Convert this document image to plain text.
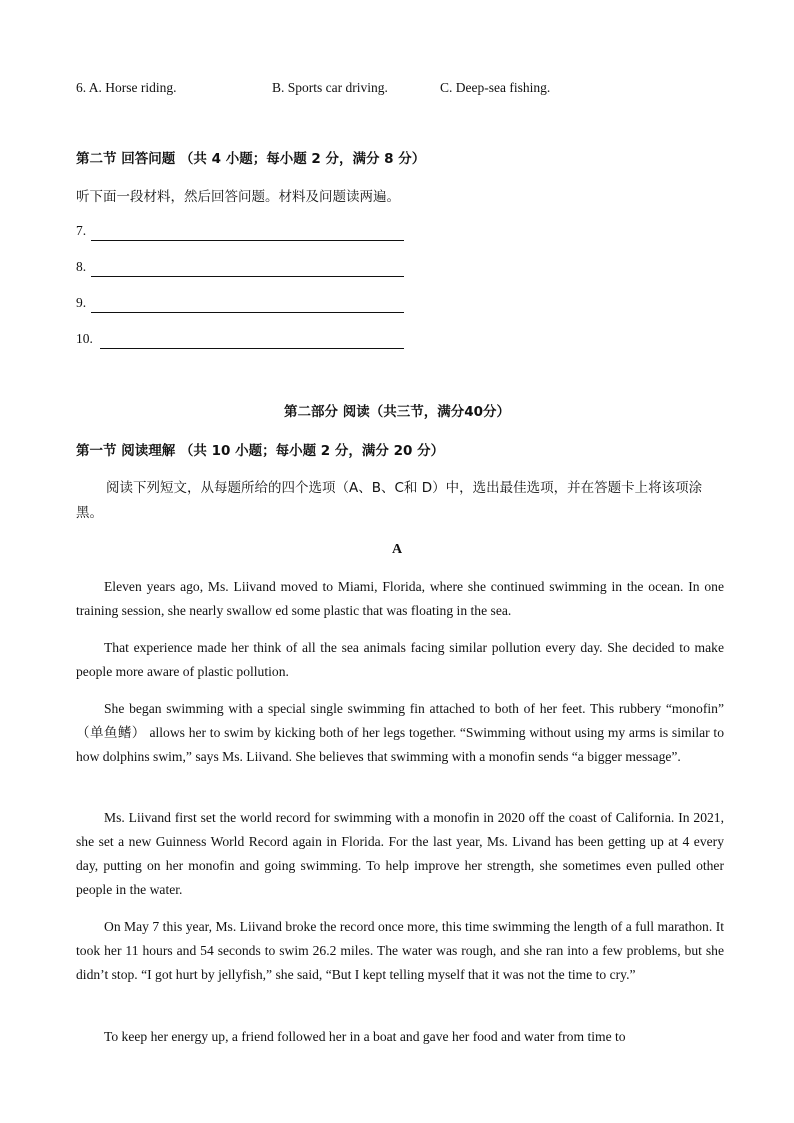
6. A. Horse riding.	B. Sports car driving.	C. Deep-sea fishing.
第二节 回答问题 （共 4 小题；每小题 2 分，满分 8 分）
听下面一段材料，然后回答问题。材料及问题读两遍。
7.
8.
9.
10.
第二部分 阅读（共三节，满分40分）
第一节 阅读理解 （共 10 小题；每小题 2 分，满分 20 分）

阅读下列短文，从每题所给的四个选项（A、B、C和 D）中，选出最佳选项，并在答题卡上将该项涂黑。

A

Eleven years ago, Ms. Liivand moved to Miami, Florida, where she continued swimming in the ocean. In one training session, she nearly swallow ed some plastic that was floating in the sea.

That experience made her think of all the sea animals facing similar pollution every day. She decided to make people more aware of plastic pollution.

She began swimming with a special single swimming fin attached to both of her feet. This rubbery “monofin” （单鱼鳍） allows her to swim by kicking both of her legs together. “Swimming without using my arms is similar to how dolphins swim,” says Ms. Liivand. She believes that swimming with a monofin sends “a bigger message”.

Ms. Liivand first set the world record for swimming with a monofin in 2020 off the coast of California. In 2021, she set a new Guinness World Record again in Florida. For the last year, Ms. Livand has been getting up at 4 every day, putting on her monofin and going swimming. To help improve her strength, she sometimes even pulled other people in the water.

On May 7 this year, Ms. Liivand broke the record once more, this time swimming the length of a full marathon. It took her 11 hours and 54 seconds to swim 26.2 miles. The water was rough, and she ran into a few problems, but she didn’t stop. “I got hurt by jellyfish,” she said, “But I kept telling myself that it was not the time to cry.”

To keep her energy up, a friend followed her in a boat and gave her food and water from time to
